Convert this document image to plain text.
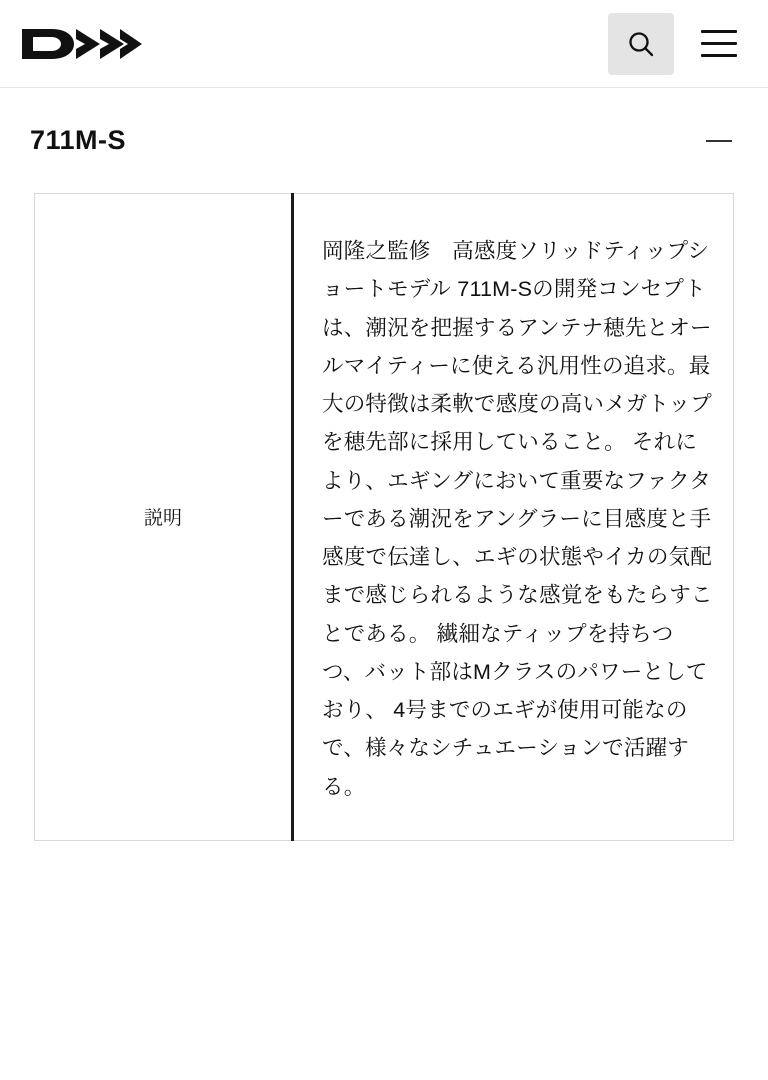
711M-S
説明	岡隆之監修　高感度ソリッドティップショートモデル 711M-Sの開発コンセプトは、潮況を把握するアンテナ穂先とオールマイティーに使える汎用性の追求。最大の特徴は柔軟で感度の高いメガトップを穂先部に採用していること。 それにより、エギングにおいて重要なファクターである潮況をアングラーに目感度と手感度で伝達し、エギの状態やイカの気配まで感じられるような感覚をもたらすことである。 繊細なティップを持ちつつ、バット部はMクラスのパワーとしており、 4号までのエギが使用可能なので、様々なシチュエーションで活躍する。
